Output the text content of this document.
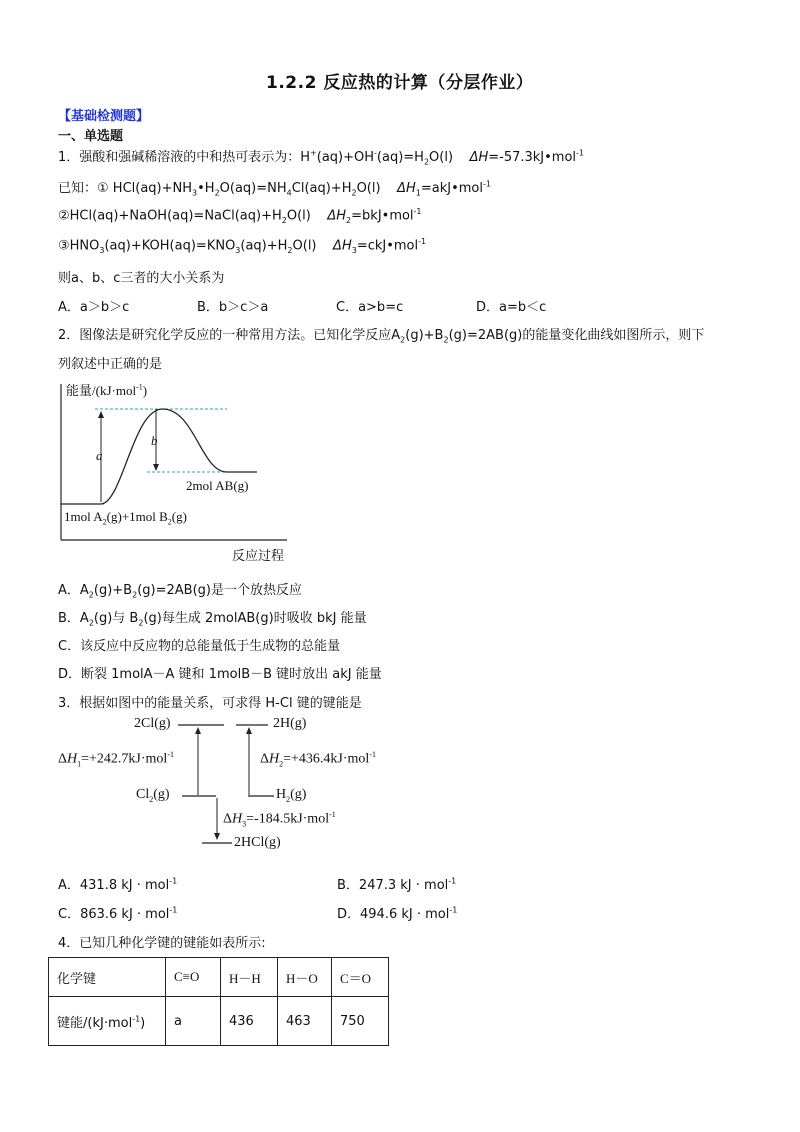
1.2.2 反应热的计算（分层作业）
【基础检测题】
一、单选题
1．强酸和强碱稀溶液的中和热可表示为：$H^+(aq)+OH^-(aq)=H_2O(l)$ ΔH=-57.3kJ•mol$^{-1}$
已知：① $HCl(aq)+NH_3•H_2O(aq)=NH_4Cl(aq)+H_2O(l)$ $\Delta H_1=akJ•mol^{-1}$
$②HCl(aq)+NaOH(aq)=NaCl(aq)+H_2O(l)$ $\Delta H_2=bkJ•mol^{-1}$
$③HNO_3(aq)+KOH(aq)=KNO_3(aq)+H_2O(l)$ $\Delta H_3=ckJ•mol^{-1}$
则a、b、c三者的大小关系为
A．a＞b＞c	B．b＞c＞a	C．a>b=c	D．a=b＜c
2．图像法是研究化学反应的一种常用方法。已知化学反应$A_2(g)+B_2(g)=2AB(g)$的能量变化曲线如图所示，则下
列叙述中正确的是
能量/(kJ·mol$^{-1}$)
a
b
2mol AB(g)
1mol $A_2(g)+1mol$ $B_2(g)$
反应过程
A．$A_2(g)+B_2(g)=2AB(g)$是一个放热反应
B．$A_2(g)$与 $B_2(g)$每生成 2molAB(g)时吸收 bkJ 能量
C．该反应中反应物的总能量低于生成物的总能量
D．断裂 1molA－A 键和 1molB－B 键时放出 akJ 能量
3．根据如图中的能量关系，可求得 H-Cl 键的键能是
2Cl(g)	2H(g)
$\Delta H_1=+242.7kJ\cdot mol^{-1}$	$\Delta H_2=+436.4kJ\cdot mol^{-1}$
$Cl_2(g)$	$H_2(g)$
$\Delta H_3=-184.5kJ\cdot mol^{-1}$
2HCl(g)
A．431.8 kJ · mol$^{-1}$	B．247.3 kJ · mol$^{-1}$
C．863.6 kJ · mol$^{-1}$	D．494.6 kJ · mol$^{-1}$
4．已知几种化学键的键能如表所示:
化学键	C≡O	H－H	H－O	C＝O
键能/(kJ·mol$^{-1}$)	a	436	463	750
